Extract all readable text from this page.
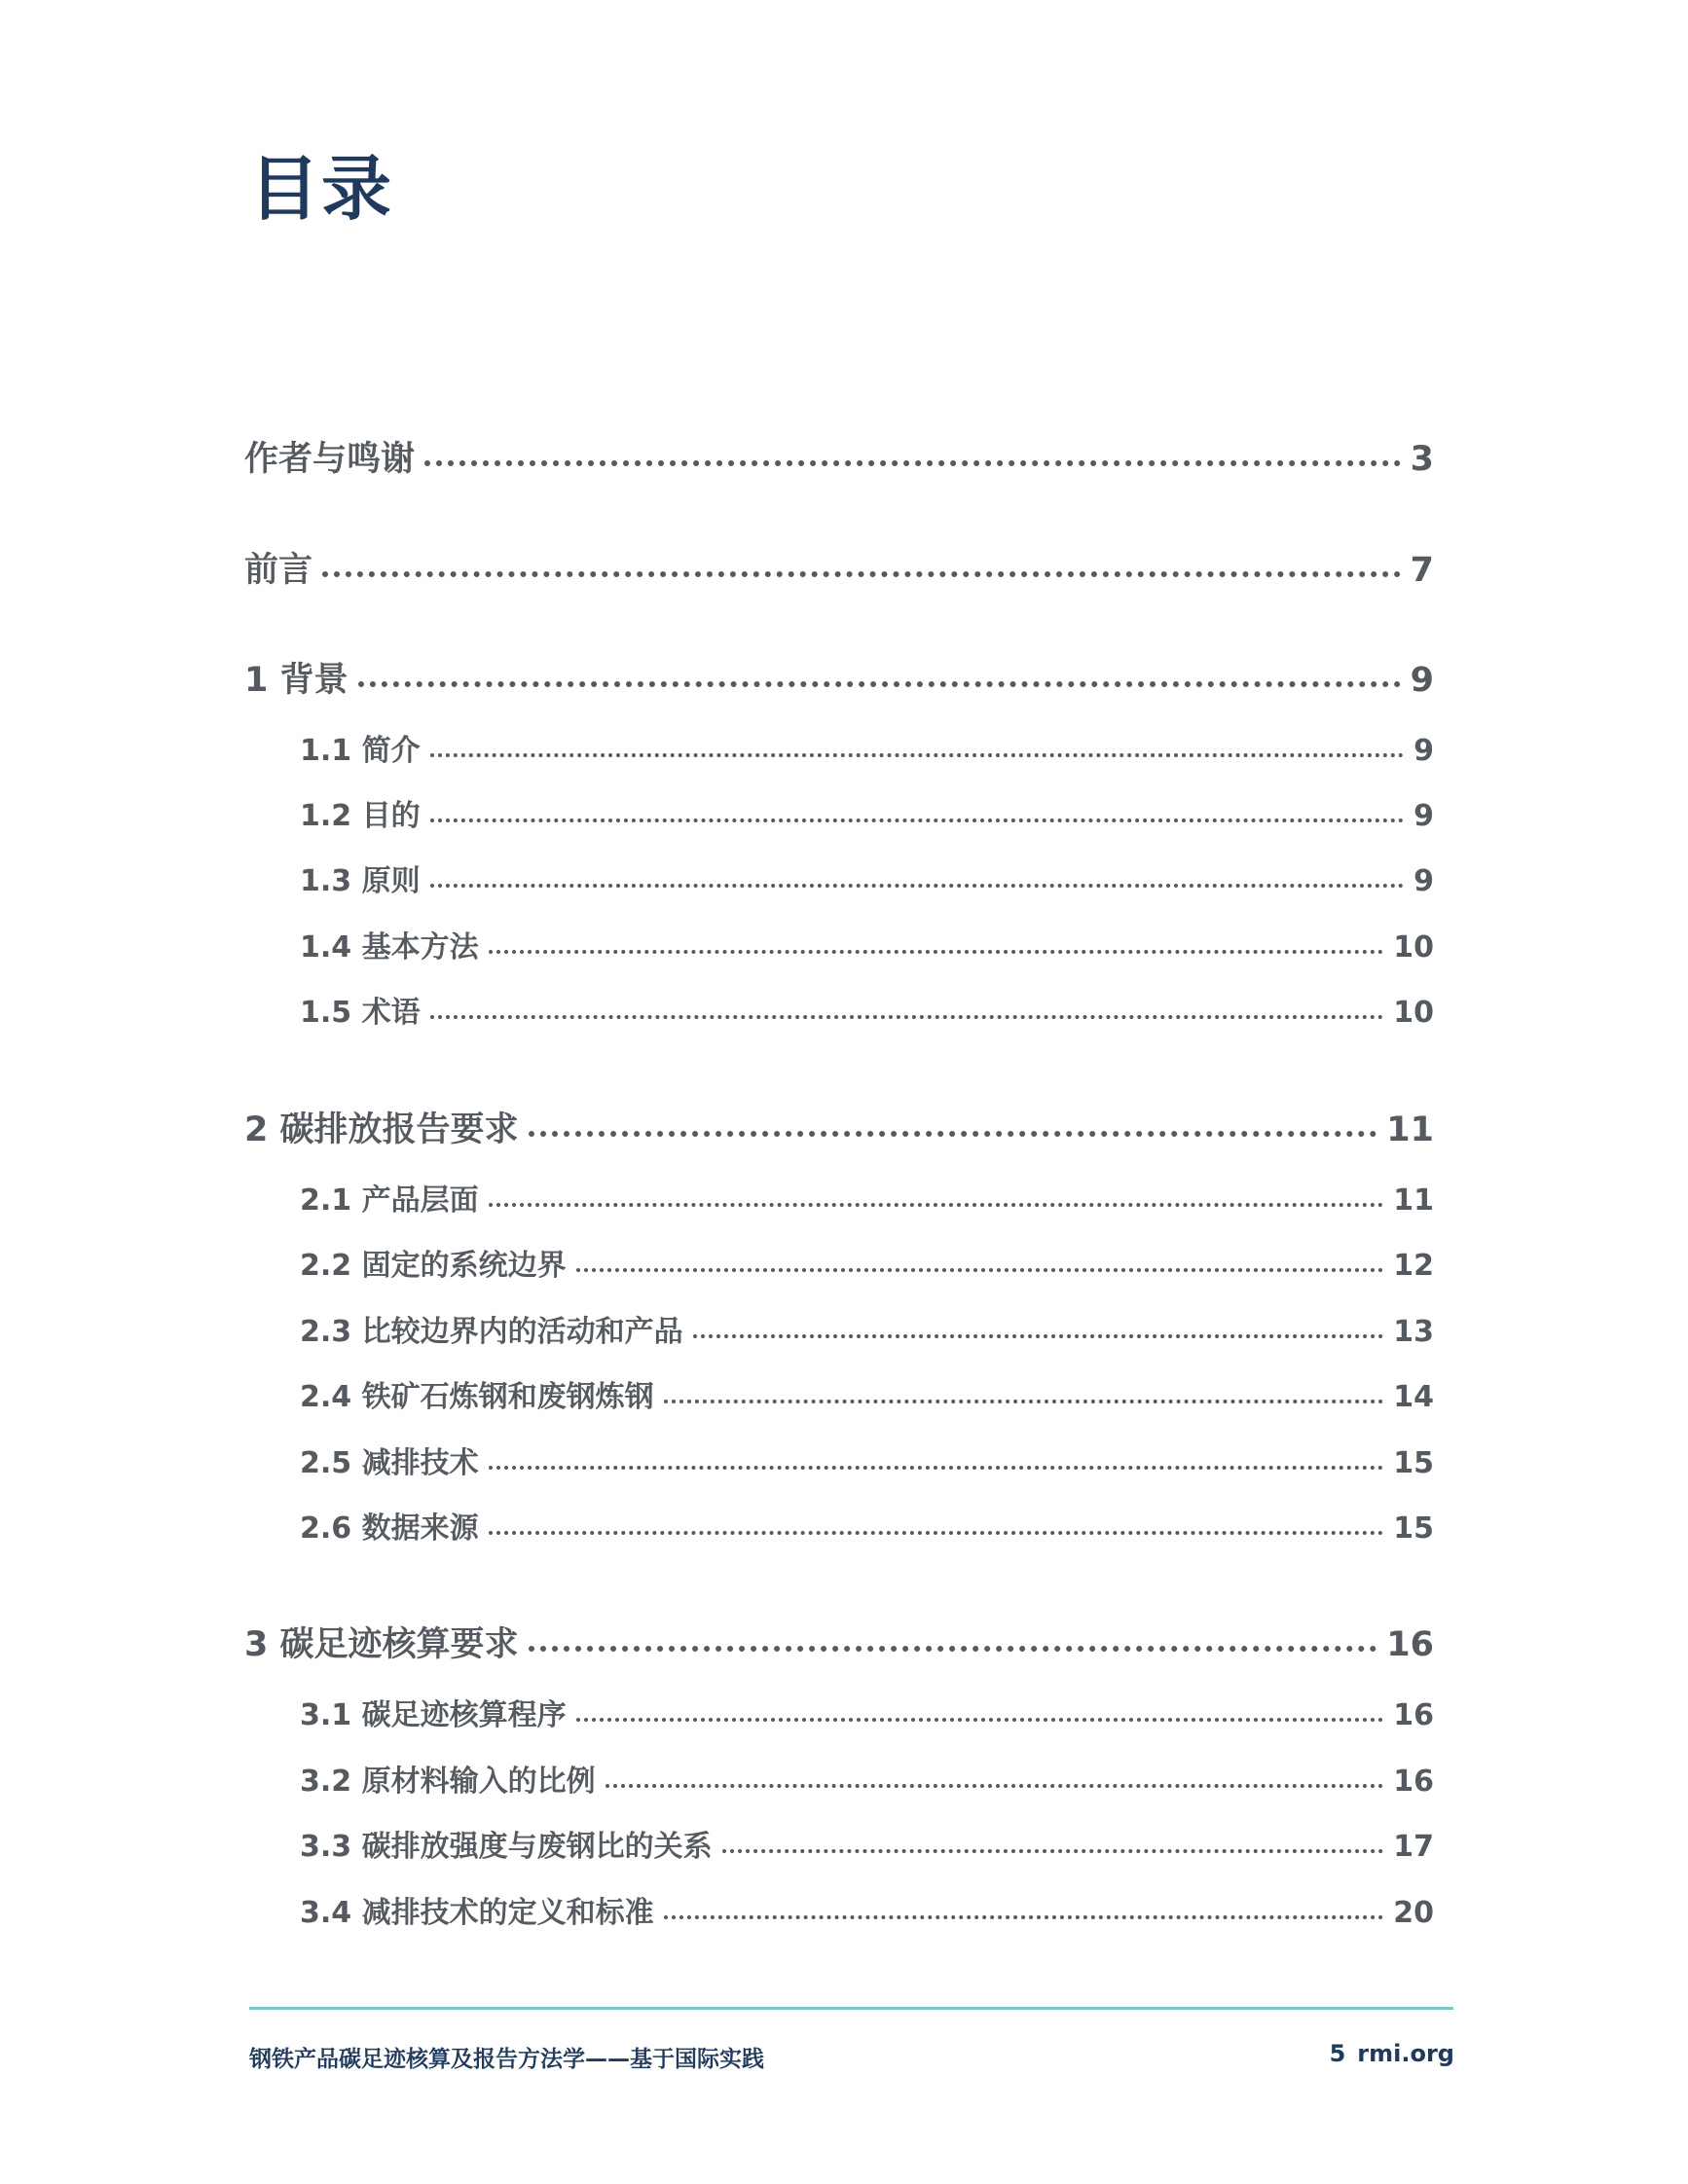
目录
作者与鸣谢	3
前言	7
1 背景	9
1.1 简介	9
1.2 目的	9
1.3 原则	9
1.4 基本方法	10
1.5 术语	10
2 碳排放报告要求	11
2.1 产品层面	11
2.2 固定的系统边界	12
2.3 比较边界内的活动和产品	13
2.4 铁矿石炼钢和废钢炼钢	14
2.5 减排技术	15
2.6 数据来源	15
3 碳足迹核算要求	16
3.1 碳足迹核算程序	16
3.2 原材料输入的比例	16
3.3 碳排放强度与废钢比的关系	17
3.4 减排技术的定义和标准	20
钢铁产品碳足迹核算及报告方法学——基于国际实践	5 rmi.org
